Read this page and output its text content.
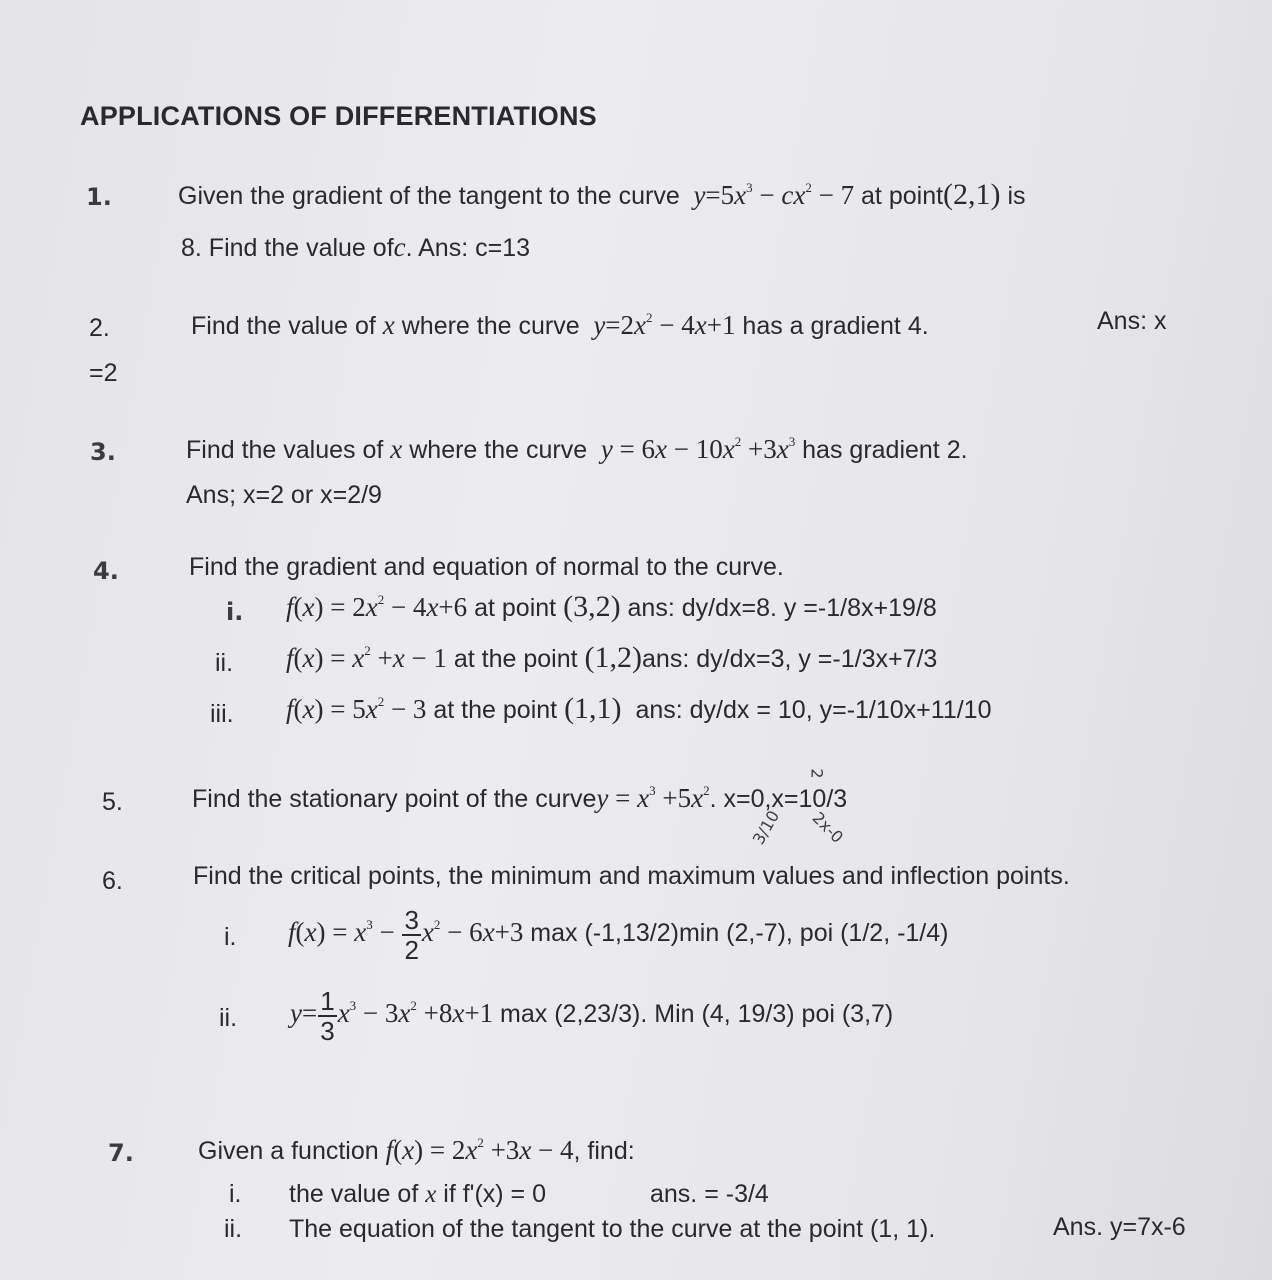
APPLICATIONS OF DIFFERENTIATIONS
1.	Given the gradient of the tangent to the curve  $y=5x^3 - cx^2 - 7$ at point(2,1) is
8. Find the value ofc. Ans: c=13
2.	Find the value of x where the curve  $y=2x^2 - 4x+1$ has a gradient 4.	Ans: x
=2
3.	Find the values of x where the curve  $y = 6x - 10x^2 +3x^3$ has gradient 2.
Ans; x=2 or x=2/9
4.	Find the gradient and equation of normal to the curve.
i. $f(x) = 2x^2 - 4x+6$ at point (3,2) ans: dy/dx=8. y =-1/8x+19/8
ii. $f(x) = x^2 +x - 1$ at the point (1,2)ans: dy/dx=3, y =-1/3x+7/3
iii. $f(x) = 5x^2 - 3$ at the point (1,1) ans: dy/dx = 10, y=-1/10x+11/10
5.	Find the stationary point of the curvey = $x^3 +5x^2$. x=0,x=10/3
3/10 2x-0
2
6.	Find the critical points, the minimum and maximum values and inflection points.
i. $f(x) = x^3 - \frac{3}{2} x^2 - 6x+3$ max (-1,13/2)min (2,-7), poi (1/2, -1/4)
ii. $y= \frac{1}{3} x^3 - 3x^2 +8x+1$ max (2,23/3). Min (4, 19/3) poi (3,7)
7.	Given a function $f(x) = 2x^2 +3x - 4$, find:
i. the value of x if f'(x) = 0	ans. = -3/4
ii. The equation of the tangent to the curve at the point (1, 1).	Ans. y=7x-6
